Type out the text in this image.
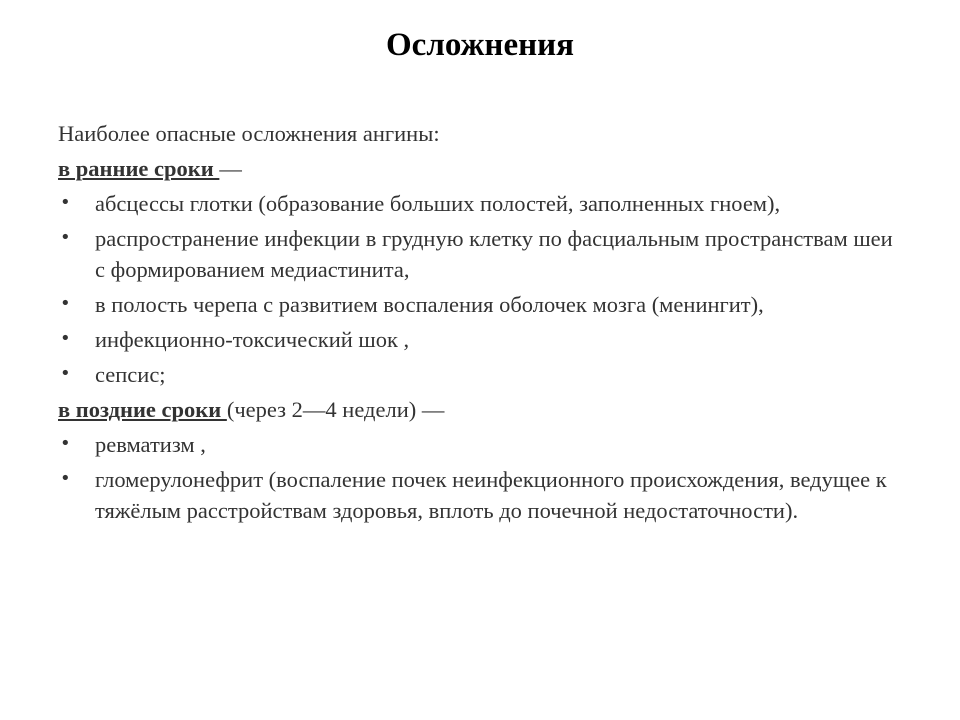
Осложнения

Наиболее опасные осложнения ангины:

в ранние сроки —

• абсцессы глотки (образование больших полостей, заполненных гноем),
• распространение инфекции в грудную клетку по фасциальным пространствам шеи с формированием медиастинита,
• в полость черепа с развитием воспаления оболочек мозга (менингит),
• инфекционно-токсический шок ,
• сепсис;

в поздние сроки (через 2—4 недели) —

• ревматизм ,
• гломерулонефрит (воспаление почек неинфекционного происхождения, ведущее к тяжёлым расстройствам здоровья, вплоть до почечной недостаточности).
